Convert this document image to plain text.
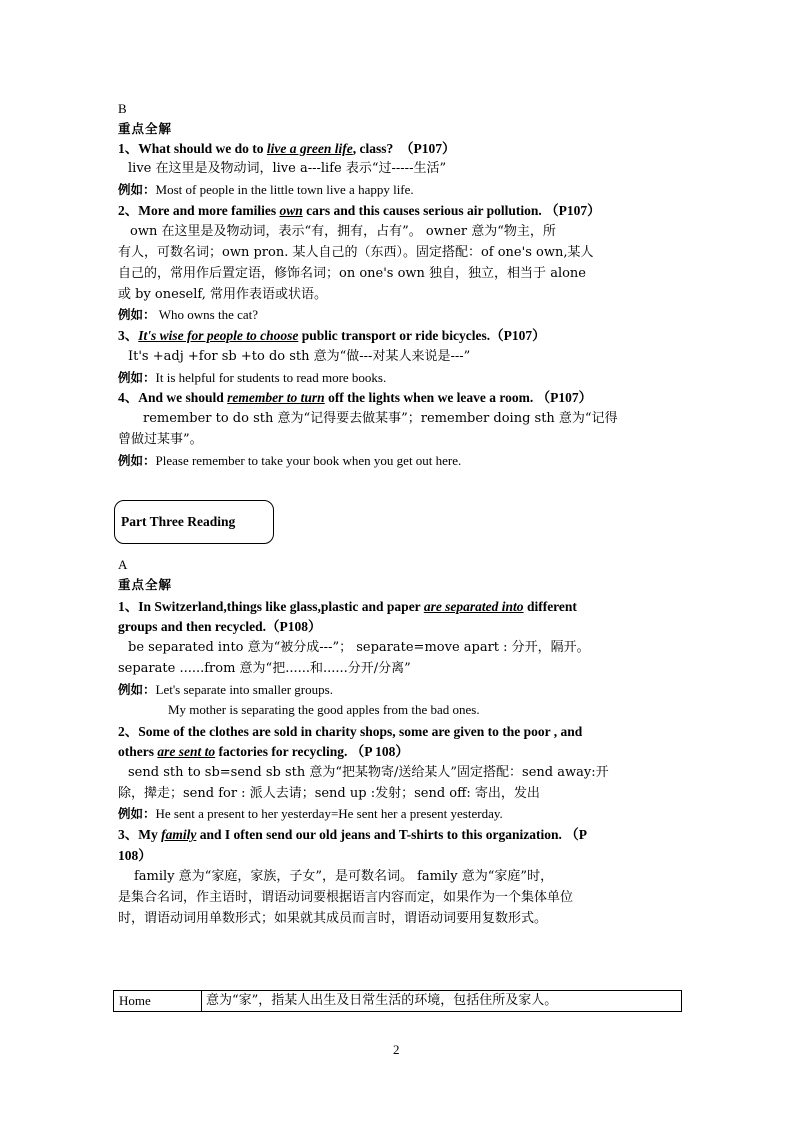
B
重点全解
1、What should we do to live a green life, class?　（P107）
live 在这里是及物动词，live a---life 表示“过-----生活”
例如：Most of people in the little town live a happy life.
2、More and more families own cars and this causes serious air pollution. （P107）
own 在这里是及物动词，表示“有，拥有，占有”。 owner 意为“物主，所
有人，可数名词；own pron. 某人自己的（东西）。固定搭配：of one's own,某人
自己的，常用作后置定语，修饰名词；on one's own 独自，独立，相当于 alone
或 by oneself, 常用作表语或状语。
例如： Who owns the cat?
3、It's wise for people to choose public transport or ride bicycles.（P107）
It's +adj +for sb +to do sth 意为“做---对某人来说是---”
例如：It is helpful for students to read more books.
4、And we should remember to turn off the lights when we leave a room. （P107）
remember to do sth 意为“记得要去做某事”；remember doing sth 意为“记得
曾做过某事”。
例如：Please remember to take your book when you get out here.
Part Three Reading
A
重点全解
1、In Switzerland,things like glass,plastic and paper are separated into different
groups and then recycled.（P108）
be separated into 意为“被分成---”； separate=move apart : 分开，隔开。
separate ......from 意为“把......和......分开/分离”
例如：Let's separate into smaller groups.
My mother is separating the good apples from the bad ones.
2、Some of the clothes are sold in charity shops, some are given to the poor , and
others are sent to factories for recycling. （P 108）
send sth to sb=send sb sth 意为“把某物寄/送给某人”固定搭配：send away:开
除，撵走；send for : 派人去请；send up :发射；send off: 寄出，发出
例如：He sent a present to her yesterday=He sent her a present yesterday.
3、My family and I often send our old jeans and T-shirts to this organization. （P
108）
family 意为“家庭，家族，子女”，是可数名词。 family 意为“家庭”时，
是集合名词，作主语时，谓语动词要根据语言内容而定，如果作为一个集体单位
时，谓语动词用单数形式；如果就其成员而言时，谓语动词要用复数形式。
Home	意为“家”，指某人出生及日常生活的环境，包括住所及家人。
2
